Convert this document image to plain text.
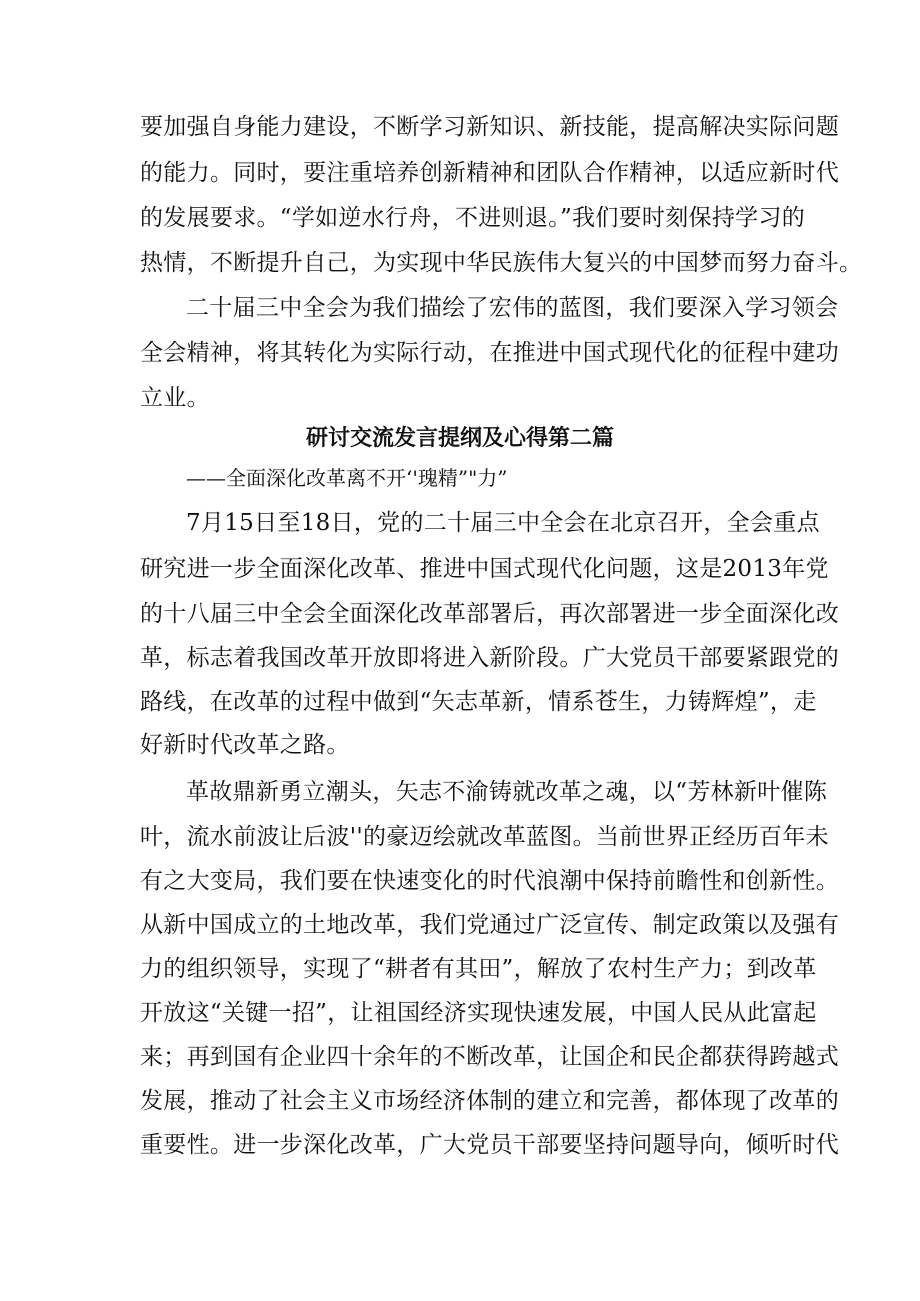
要加强自身能力建设，不断学习新知识、新技能，提高解决实际问题

的能力。同时，要注重培养创新精神和团队合作精神，以适应新时代

的发展要求。“学如逆水行舟，不进则退。”我们要时刻保持学习的

热情，不断提升自己，为实现中华民族伟大复兴的中国梦而努力奋斗。

二十届三中全会为我们描绘了宏伟的蓝图，我们要深入学习领会

全会精神，将其转化为实际行动，在推进中国式现代化的征程中建功

立业。

研讨交流发言提纲及心得第二篇

——全面深化改革离不开‘'瑰精”"力”

7月15日至18日，党的二十届三中全会在北京召开，全会重点

研究进一步全面深化改革、推进中国式现代化问题，这是2013年党

的十八届三中全会全面深化改革部署后，再次部署进一步全面深化改

革，标志着我国改革开放即将进入新阶段。广大党员干部要紧跟党的

路线，在改革的过程中做到“矢志革新，情系苍生，力铸辉煌”，走

好新时代改革之路。

革故鼎新勇立潮头，矢志不渝铸就改革之魂，以“芳林新叶催陈

叶，流水前波让后波''的豪迈绘就改革蓝图。当前世界正经历百年未

有之大变局，我们要在快速变化的时代浪潮中保持前瞻性和创新性。

从新中国成立的土地改革，我们党通过广泛宣传、制定政策以及强有

力的组织领导，实现了“耕者有其田”，解放了农村生产力；到改革

开放这“关键一招”，让祖国经济实现快速发展，中国人民从此富起

来；再到国有企业四十余年的不断改革，让国企和民企都获得跨越式

发展，推动了社会主义市场经济体制的建立和完善，都体现了改革的

重要性。进一步深化改革，广大党员干部要坚持问题导向，倾听时代
